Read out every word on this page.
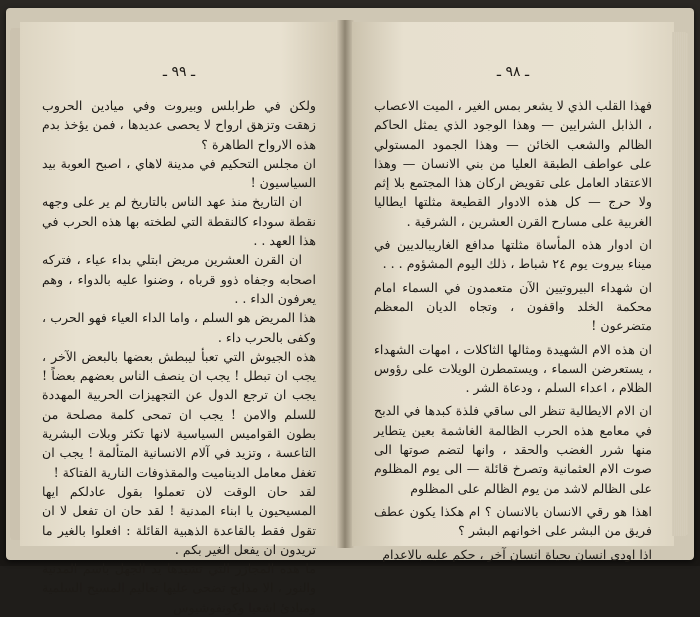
ـ ٩٩ ـ

ولكن في طرابلس وبيروت وفي ميادين الحروب زهقت وتزهق ارواح لا يحصى عديدها ، فمن يؤخذ بدم هذه الارواح الطاهرة ؟

ان مجلس التحكيم في مدينة لاهاي ، اصبح العوبة بيد السياسيون !

ان التاريخ منذ عهد الناس بالتاريخ لم ير على وجهه نقطة سوداء كالنقطة التي لطخته بها هذه الحرب في هذا العهد . .

ان القرن العشرين مريض ابتلي بداء عياء ، فتركه اصحابه وجفاه ذوو قرباه ، وضنوا عليه بالدواء ، وهم يعرفون الداء . .

هذا المريض هو السلم ، واما الداء العياء فهو الحرب ، وكفى بالحرب داء .

هذه الجيوش التي تعبأ ليبطش بعضها بالبعض الآخر ، يجب ان تبطل ! يجب ان ينصف الناس بعضهم بعضاً ! يجب ان ترجع الدول عن التجهيزات الحربية المهددة للسلم والامن ! يجب ان تمحى كلمة مصلحة من بطون القواميس السياسية لانها تكثر وبلات البشرية التاعسة ، وتزيد في آلام الانسانية المتألمة ! يجب ان تغفل معامل الديناميت والمقذوفات النارية الفتاكة !

لقد حان الوقت لان تعملوا بقول عادلكم ايها المسيحيون يا ابناء المدنية ! لقد حان ان تفعل لا ان تقول فقط بالقاعدة الذهبية القائلة : افعلوا بالغير ما تريدون ان يفعل الغير بكم .

ما هذه المجازر التي تشيدها يد الجهل باسم المدنية والنور ، الا مذابح تضحى عليها تعاليم المسيح السلمية ومبادئ اشعيا وكونفوشيوس

ـ ٩٨ ـ

فهذا القلب الذي لا يشعر بمس الغير ، الميت الاعصاب ، الذابل الشرايين — وهذا الوجود الذي يمثل الحاكم الظالم والشعب الخائن — وهذا الجمود المستولي على عواطف الطبقة العليا من بني الانسان — وهذا الاعتقاد العامل على تقويض اركان هذا المجتمع بلا إثم ولا حرج — كل هذه الادوار القطيعة مثلتها ايطاليا الغربية على مسارح القرن العشرين ، الشرقية .

ان ادوار هذه المأساة مثلتها مدافع الغاريبالديين في ميناء بيروت يوم ٢٤ شباط ، ذلك اليوم المشؤوم . . .

ان شهداء البيروتيين الآن متعمدون في السماء امام محكمة الخلد واقفون ، وتجاه الديان المعظم متضرعون !

ان هذه الام الشهيدة ومثالها الثاكلات ، امهات الشهداء ، يستعرضن السماء ، ويستمطرن الويلات على رؤوس الظلام ، اعداء السلم ، ودعاة الشر .

ان الام الايطالية تنظر الى ساقي فلذة كبدها في الدبح في معامع هذه الحرب الظالمة الغاشمة بعين يتطاير منها شرر الغضب والحقد ، وانها لتضم صوتها الى صوت الام العثمانية وتصرخ قائلة — الى يوم المظلوم على الظالم لاشد من يوم الظالم على المظلوم

اهذا هو رقي الانسان بالانسان ؟ ام هكذا يكون عطف فريق من البشر على اخوانهم البشر ؟

اذا اودى انسان بحياة انسان آخر ، حكم عليه بالاعدام
